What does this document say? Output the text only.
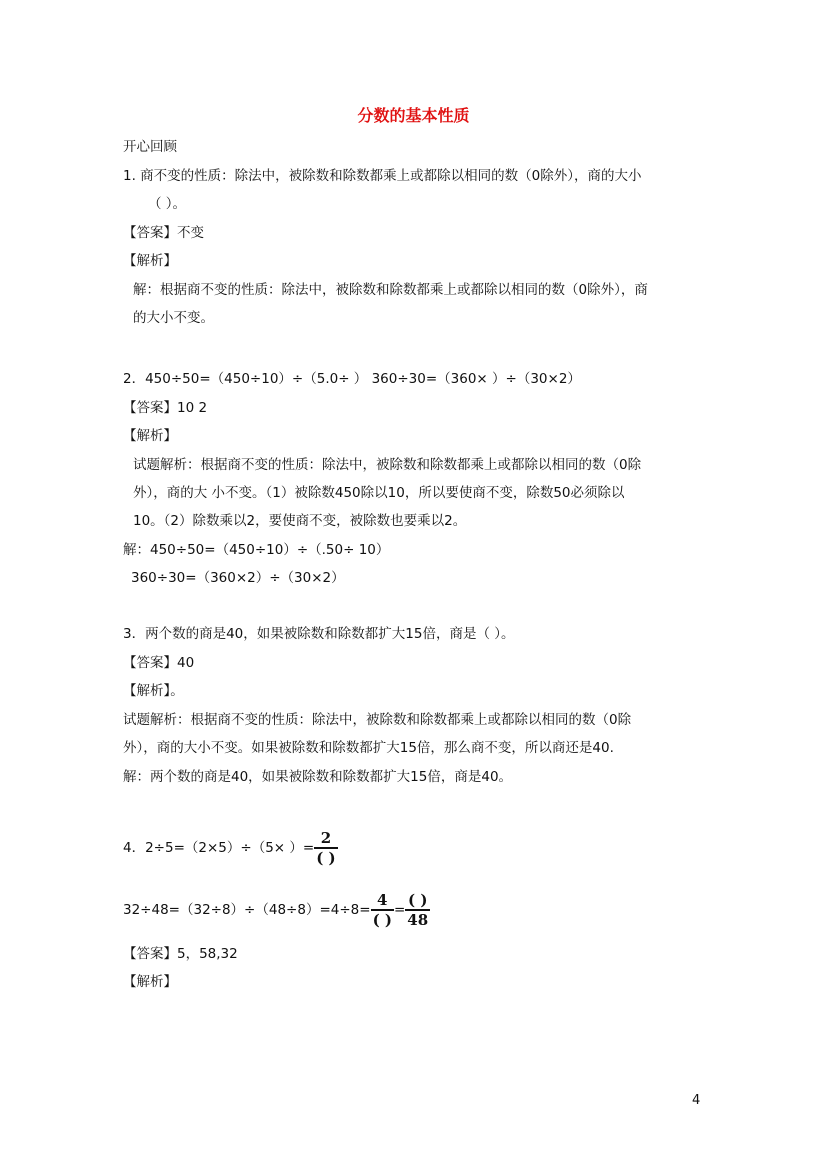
分数的基本性质
开心回顾
1. 商不变的性质：除法中，被除数和除数都乘上或都除以相同的数（0除外），商的大小
（ ）。
【答案】不变
【解析】
解：根据商不变的性质：除法中，被除数和除数都乘上或都除以相同的数（0除外），商
的大小不变。
2．450÷50=（450÷10）÷（5.0÷ ） 360÷30=（360× ）÷（30×2）
【答案】10 2
【解析】
试题解析：根据商不变的性质：除法中，被除数和除数都乘上或都除以相同的数（0除
外），商的大 小不变。（1）被除数450除以10，所以要使商不变，除数50必须除以
10。（2）除数乘以2，要使商不变，被除数也要乘以2。
解：450÷50=（450÷10）÷（.50÷ 10）
360÷30=（360×2）÷（30×2）
3．两个数的商是40，如果被除数和除数都扩大15倍，商是（ ）。
【答案】40
【解析】。
试题解析：根据商不变的性质：除法中，被除数和除数都乘上或都除以相同的数（0除
外），商的大小不变。如果被除数和除数都扩大15倍，那么商不变，所以商还是40.
解：两个数的商是40，如果被除数和除数都扩大15倍，商是40。
4．2÷5=（2×5）÷（5× ）= $\frac{2}{( )}$
$32\div 48=(32\div 8)\div(48\div 8)=4\div 8= \frac{4}{( )} = \frac{( )}{48}$
【答案】5，58,32
【解析】
4
